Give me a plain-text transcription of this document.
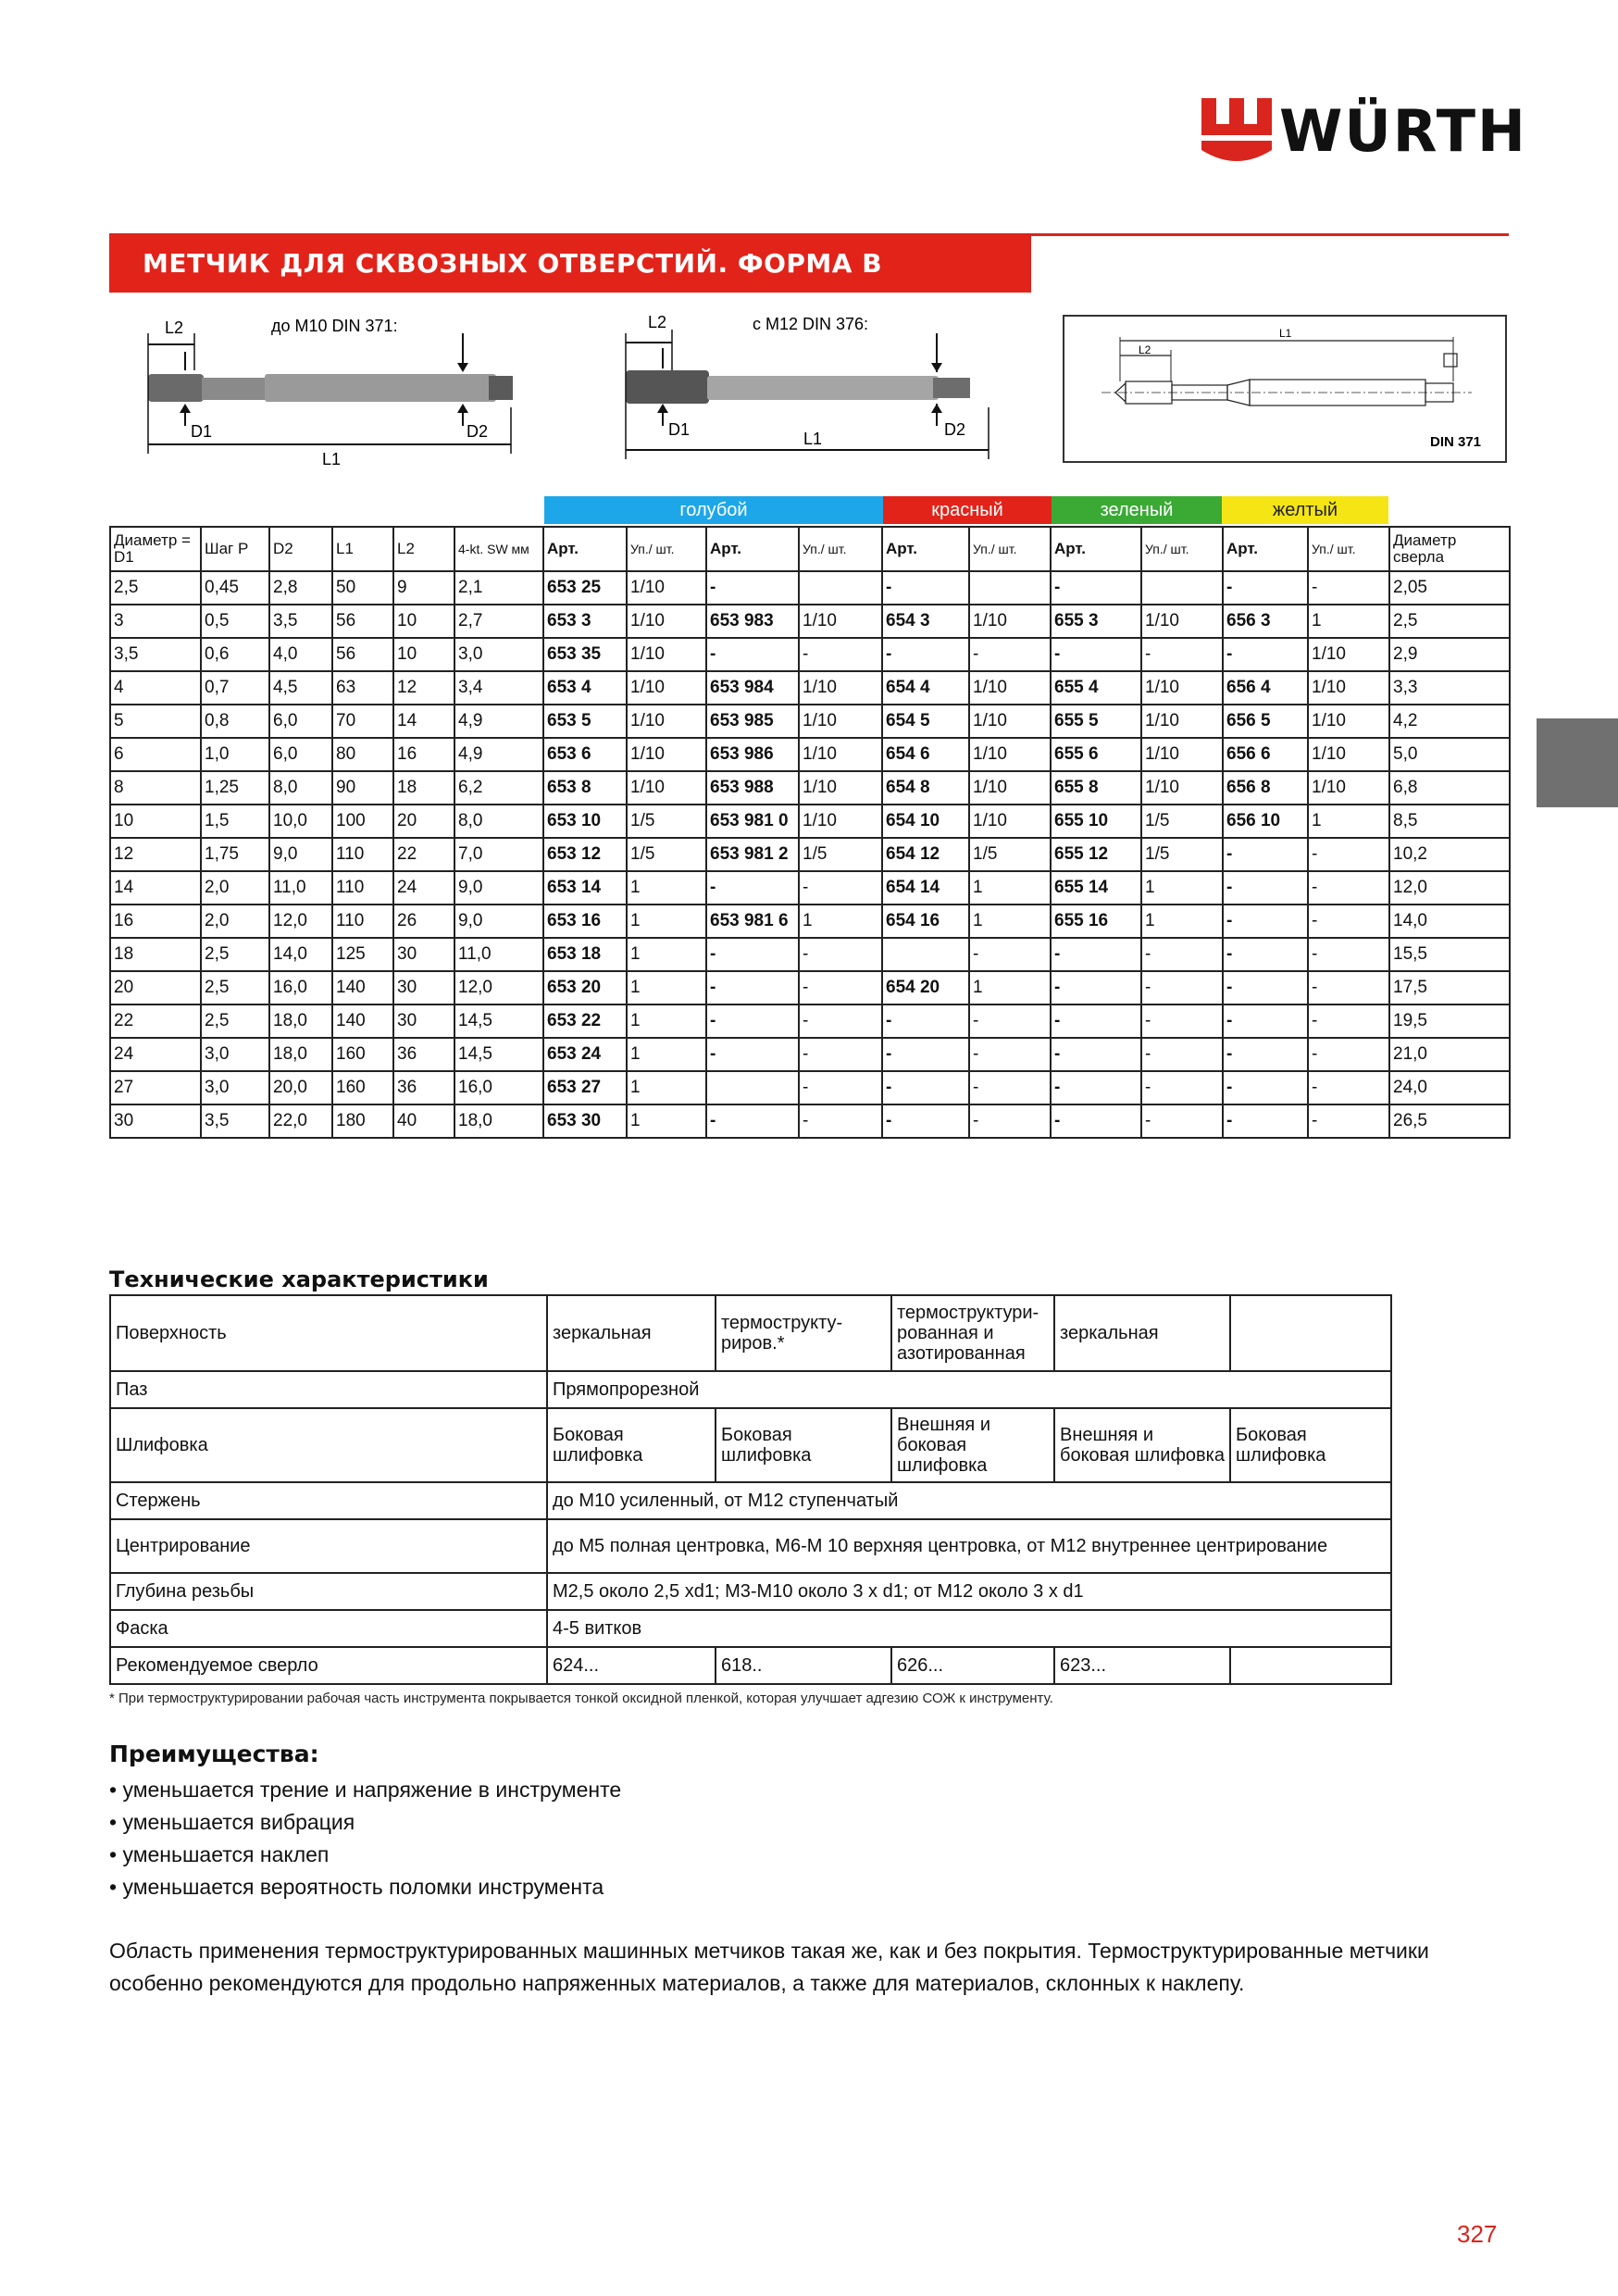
WÜRTH
МЕТЧИК ДЛЯ СКВОЗНЫХ ОТВЕРСТИЙ. ФОРМА B
L2
D1	D2
L1
до M10 DIN 371:	L2
D1	D2
L1
с M12 DIN 376:	L1
L2
DIN 371
голубой	красный	зеленый	желтый
Диаметр = D1	Шаг P	D2	L1	L2	4-kt. SW мм	Арт.	Уп./ шт.	Арт.	Уп./ шт.	Арт.	Уп./ шт.	Арт.	Уп./ шт.	Арт.	Уп./ шт.	Диаметр сверла
2,5	0,45	2,8	50	9	2,1	653 25	1/10	-		-		-		-	-	2,05
3	0,5	3,5	56	10	2,7	653 3	1/10	653 983	1/10	654 3	1/10	655 3	1/10	656 3	1	2,5
3,5	0,6	4,0	56	10	3,0	653 35	1/10	-	-	-	-	-	-	-	1/10	2,9
4	0,7	4,5	63	12	3,4	653 4	1/10	653 984	1/10	654 4	1/10	655 4	1/10	656 4	1/10	3,3
5	0,8	6,0	70	14	4,9	653 5	1/10	653 985	1/10	654 5	1/10	655 5	1/10	656 5	1/10	4,2
6	1,0	6,0	80	16	4,9	653 6	1/10	653 986	1/10	654 6	1/10	655 6	1/10	656 6	1/10	5,0
8	1,25	8,0	90	18	6,2	653 8	1/10	653 988	1/10	654 8	1/10	655 8	1/10	656 8	1/10	6,8
10	1,5	10,0	100	20	8,0	653 10	1/5	653 981 0	1/10	654 10	1/10	655 10	1/5	656 10	1	8,5
12	1,75	9,0	110	22	7,0	653 12	1/5	653 981 2	1/5	654 12	1/5	655 12	1/5	-	-	10,2
14	2,0	11,0	110	24	9,0	653 14	1	-	-	654 14	1	655 14	1	-	-	12,0
16	2,0	12,0	110	26	9,0	653 16	1	653 981 6	1	654 16	1	655 16	1	-	-	14,0
18	2,5	14,0	125	30	11,0	653 18	1	-	-		-	-	-	-	-	15,5
20	2,5	16,0	140	30	12,0	653 20	1	-	-	654 20	1	-	-	-	-	17,5
22	2,5	18,0	140	30	14,5	653 22	1	-	-	-	-	-	-	-	-	19,5
24	3,0	18,0	160	36	14,5	653 24	1	-	-	-	-	-	-	-	-	21,0
27	3,0	20,0	160	36	16,0	653 27	1		-	-	-	-	-	-	-	24,0
30	3,5	22,0	180	40	18,0	653 30	1	-	-	-	-	-	-	-	-	26,5
Технические характеристики
Поверхность	зеркальная	термострукту-риров.*	термоструктури-рованная и азотированная	зеркальная	
Паз	Прямопрорезной				
Шлифовка	Боковая шлифовка	Боковая шлифовка	Внешняя и боковая шлифовка	Внешняя и боковая шлифовка	Боковая шлифовка
Стержень	до M10 усиленный, от M12 ступенчатый				
Центрирование	до M5 полная центровка, M6-M 10 верхняя центровка, от M12 внутреннее центрирование				
Глубина резьбы	M2,5 около 2,5 xd1; M3-M10 около 3 x d1; от M12 около 3 x d1				
Фаска	4-5 витков				
Рекомендуемое сверло	624...	618..	626...	623...	
* При термоструктурировании рабочая часть инструмента покрывается тонкой оксидной пленкой, которая улучшает адгезию СОЖ к инструменту.
Преимущества:
• уменьшается трение и напряжение в инструменте
• уменьшается вибрация
• уменьшается наклеп
• уменьшается вероятность поломки инструмента
Область применения термоструктурированных машинных метчиков такая же, как и без покрытия. Термоструктурированные метчики особенно рекомендуются для продольно напряженных материалов, а также для материалов, склонных к наклепу.
327
